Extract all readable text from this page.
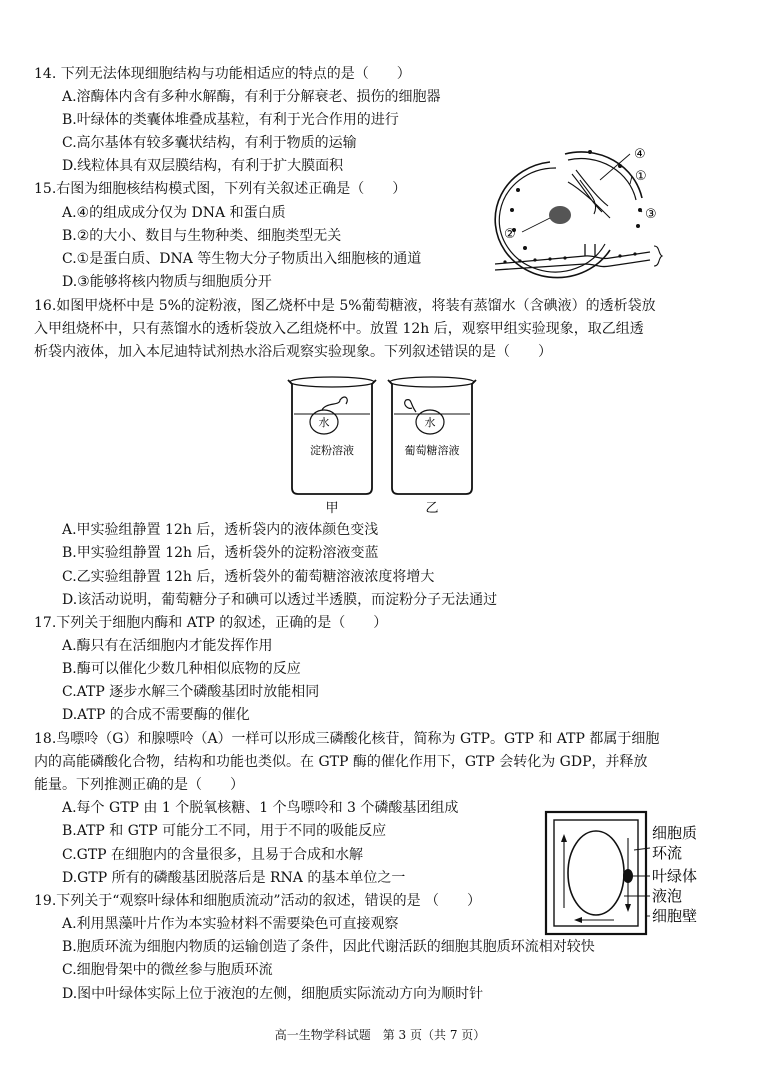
14. 下列无法体现细胞结构与功能相适应的特点的是（　　）
A.溶酶体内含有多种水解酶，有利于分解衰老、损伤的细胞器
B.叶绿体的类囊体堆叠成基粒，有利于光合作用的进行
C.高尔基体有较多囊状结构，有利于物质的运输
D.线粒体具有双层膜结构，有利于扩大膜面积
15.右图为细胞核结构模式图，下列有关叙述正确是（　　）
A.④的组成成分仅为 DNA 和蛋白质
B.②的大小、数目与生物种类、细胞类型无关
C.①是蛋白质、DNA 等生物大分子物质出入细胞核的通道
D.③能够将核内物质与细胞质分开
④
①
③
②
16.如图甲烧杯中是 5%的淀粉液，图乙烧杯中是 5%葡萄糖液，将装有蒸馏水（含碘液）的透析袋放
入甲组烧杯中，只有蒸馏水的透析袋放入乙组烧杯中。放置 12h 后，观察甲组实验现象，取乙组透
析袋内液体，加入本尼迪特试剂热水浴后观察实验现象。下列叙述错误的是（　　）
水	水
淀粉溶液	葡萄糖溶液
甲	乙
A.甲实验组静置 12h 后，透析袋内的液体颜色变浅
B.甲实验组静置 12h 后，透析袋外的淀粉溶液变蓝
C.乙实验组静置 12h 后，透析袋外的葡萄糖溶液浓度将增大
D.该活动说明，葡萄糖分子和碘可以透过半透膜，而淀粉分子无法通过
17.下列关于细胞内酶和 ATP 的叙述，正确的是（　　）
A.酶只有在活细胞内才能发挥作用
B.酶可以催化少数几种相似底物的反应
C.ATP 逐步水解三个磷酸基团时放能相同
D.ATP 的合成不需要酶的催化
18.鸟嘌呤（G）和腺嘌呤（A）一样可以形成三磷酸化核苷，简称为 GTP。GTP 和 ATP 都属于细胞
内的高能磷酸化合物，结构和功能也类似。在 GTP 酶的催化作用下，GTP 会转化为 GDP，并释放
能量。下列推测正确的是（　　）
A.每个 GTP 由 1 个脱氧核糖、1 个鸟嘌呤和 3 个磷酸基团组成
B.ATP 和 GTP 可能分工不同，用于不同的吸能反应
C.GTP 在细胞内的含量很多，且易于合成和水解
D.GTP 所有的磷酸基团脱落后是 RNA 的基本单位之一
细胞质
环流
叶绿体
液泡
细胞壁
19.下列关于“观察叶绿体和细胞质流动”活动的叙述，错误的是 （　　）
A.利用黑藻叶片作为本实验材料不需要染色可直接观察
B.胞质环流为细胞内物质的运输创造了条件，因此代谢活跃的细胞其胞质环流相对较快
C.细胞骨架中的微丝参与胞质环流
D.图中叶绿体实际上位于液泡的左侧，细胞质实际流动方向为顺时针
高一生物学科试题　第 3 页（共 7 页）
